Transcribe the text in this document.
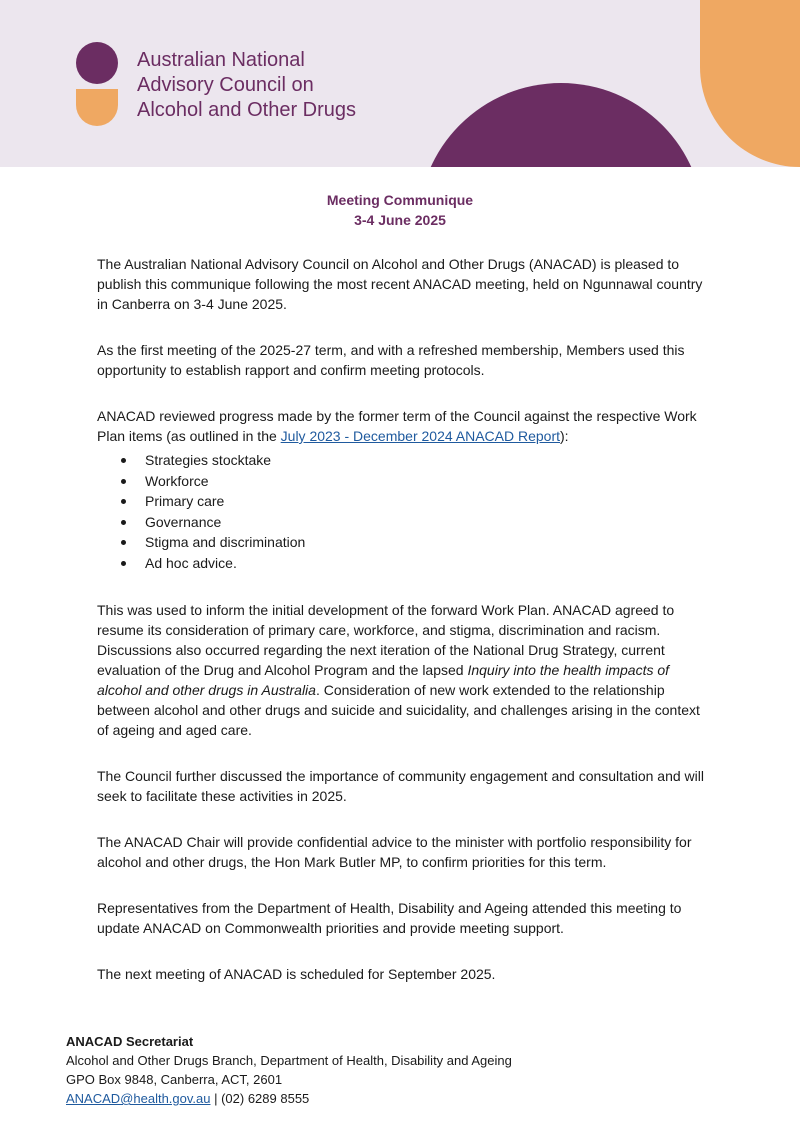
Australian National
Advisory Council on
Alcohol and Other Drugs

Meeting Communique

3-4 June 2025

The Australian National Advisory Council on Alcohol and Other Drugs (ANACAD) is pleased to publish this communique following the most recent ANACAD meeting, held on Ngunnawal country in Canberra on 3-4 June 2025.

As the first meeting of the 2025-27 term, and with a refreshed membership, Members used this opportunity to establish rapport and confirm meeting protocols.

ANACAD reviewed progress made by the former term of the Council against the respective Work Plan items (as outlined in the July 2023 - December 2024 ANACAD Report):

Strategies stocktake
Workforce
Primary care
Governance
Stigma and discrimination
Ad hoc advice.

This was used to inform the initial development of the forward Work Plan. ANACAD agreed to resume its consideration of primary care, workforce, and stigma, discrimination and racism. Discussions also occurred regarding the next iteration of the National Drug Strategy, current evaluation of the Drug and Alcohol Program and the lapsed Inquiry into the health impacts of alcohol and other drugs in Australia. Consideration of new work extended to the relationship between alcohol and other drugs and suicide and suicidality, and challenges arising in the context of ageing and aged care.

The Council further discussed the importance of community engagement and consultation and will seek to facilitate these activities in 2025.

The ANACAD Chair will provide confidential advice to the minister with portfolio responsibility for alcohol and other drugs, the Hon Mark Butler MP, to confirm priorities for this term.

Representatives from the Department of Health, Disability and Ageing attended this meeting to update ANACAD on Commonwealth priorities and provide meeting support.

The next meeting of ANACAD is scheduled for September 2025.

ANACAD Secretariat
Alcohol and Other Drugs Branch, Department of Health, Disability and Ageing
GPO Box 9848, Canberra, ACT, 2601
ANACAD@health.gov.au | (02) 6289 8555
